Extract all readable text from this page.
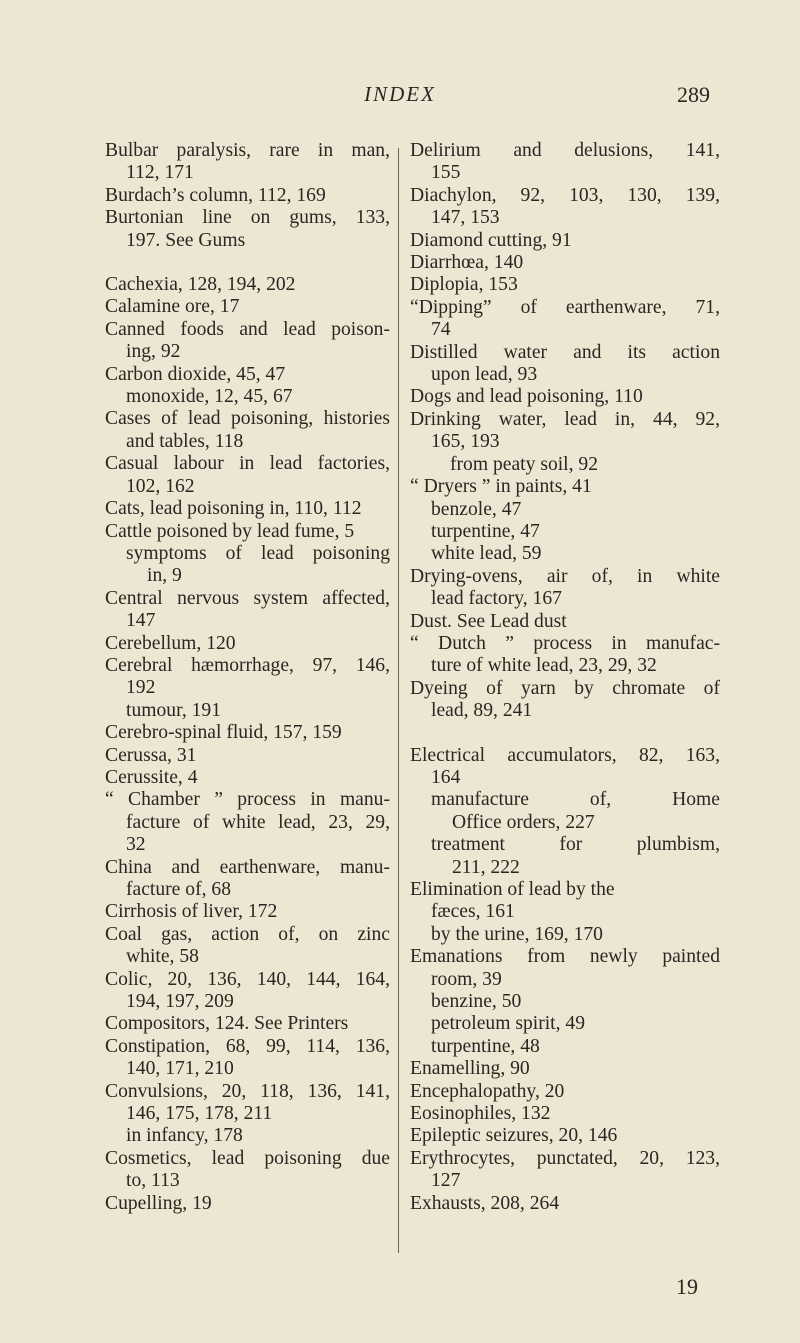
INDEX	289
Bulbar paralysis, rare in man,
112, 171
Burdach’s column, 112, 169
Burtonian line on gums, 133,
197. See Gums
Cachexia, 128, 194, 202
Calamine ore, 17
Canned foods and lead poison-
ing, 92
Carbon dioxide, 45, 47
monoxide, 12, 45, 67
Cases of lead poisoning, histories
and tables, 118
Casual labour in lead factories,
102, 162
Cats, lead poisoning in, 110, 112
Cattle poisoned by lead fume, 5
symptoms of lead poisoning
in, 9
Central nervous system affected,
147
Cerebellum, 120
Cerebral hæmorrhage, 97, 146,
192
tumour, 191
Cerebro-spinal fluid, 157, 159
Cerussa, 31
Cerussite, 4
“ Chamber ” process in manu-
facture of white lead, 23, 29,
32
China and earthenware, manu-
facture of, 68
Cirrhosis of liver, 172
Coal gas, action of, on zinc
white, 58
Colic, 20, 136, 140, 144, 164,
194, 197, 209
Compositors, 124. See Printers
Constipation, 68, 99, 114, 136,
140, 171, 210
Convulsions, 20, 118, 136, 141,
146, 175, 178, 211
in infancy, 178
Cosmetics, lead poisoning due
to, 113
Cupelling, 19
Delirium and delusions, 141,
155
Diachylon, 92, 103, 130, 139,
147, 153
Diamond cutting, 91
Diarrhœa, 140
Diplopia, 153
“Dipping” of earthenware, 71,
74
Distilled water and its action
upon lead, 93
Dogs and lead poisoning, 110
Drinking water, lead in, 44, 92,
165, 193
from peaty soil, 92
“ Dryers ” in paints, 41
benzole, 47
turpentine, 47
white lead, 59
Drying-ovens, air of, in white
lead factory, 167
Dust. See Lead dust
“ Dutch ” process in manufac-
ture of white lead, 23, 29, 32
Dyeing of yarn by chromate of
lead, 89, 241
Electrical accumulators, 82, 163,
164
manufacture of, Home
Office orders, 227
treatment for plumbism,
211, 222
Elimination of lead by the
fæces, 161
by the urine, 169, 170
Emanations from newly painted
room, 39
benzine, 50
petroleum spirit, 49
turpentine, 48
Enamelling, 90
Encephalopathy, 20
Eosinophiles, 132
Epileptic seizures, 20, 146
Erythrocytes, punctated, 20, 123,
127
Exhausts, 208, 264
19
